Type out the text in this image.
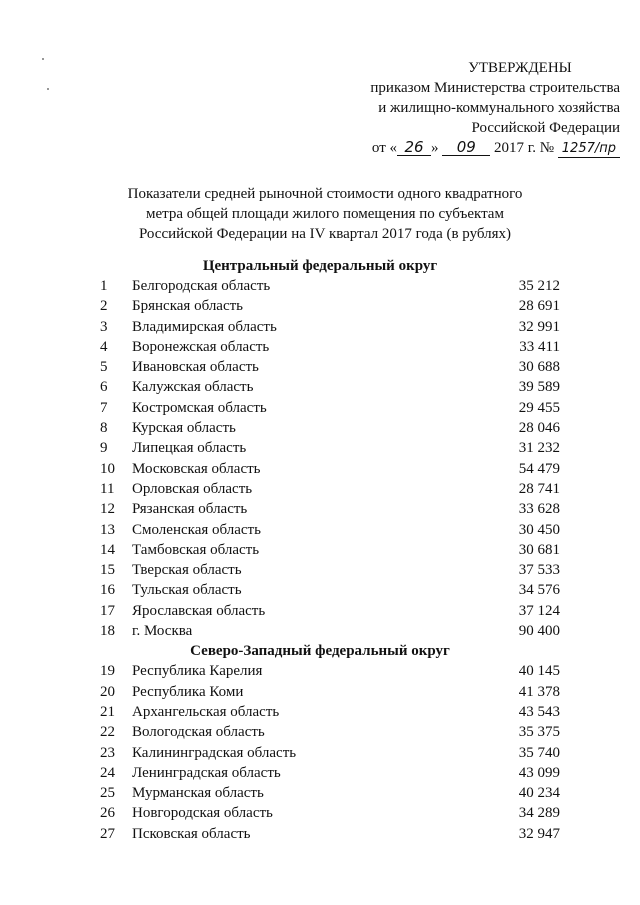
УТВЕРЖДЕНЫ
приказом Министерства строительства
и жилищно-коммунального хозяйства
Российской Федерации
от « 26 » 09 2017 г. № 1257/пр
Показатели средней рыночной стоимости одного квадратного
метра общей площади жилого помещения по субъектам
Российской Федерации на IV квартал 2017 года (в рублях)
Центральный федеральный округ
1	Белгородская область	35 212
2	Брянская область	28 691
3	Владимирская область	32 991
4	Воронежская область	33 411
5	Ивановская область	30 688
6	Калужская область	39 589
7	Костромская область	29 455
8	Курская область	28 046
9	Липецкая область	31 232
10	Московская область	54 479
11	Орловская область	28 741
12	Рязанская область	33 628
13	Смоленская область	30 450
14	Тамбовская область	30 681
15	Тверская область	37 533
16	Тульская область	34 576
17	Ярославская область	37 124
18	г. Москва	90 400
Северо-Западный федеральный округ
19	Республика Карелия	40 145
20	Республика Коми	41 378
21	Архангельская область	43 543
22	Вологодская область	35 375
23	Калининградская область	35 740
24	Ленинградская область	43 099
25	Мурманская область	40 234
26	Новгородская область	34 289
27	Псковская область	32 947
